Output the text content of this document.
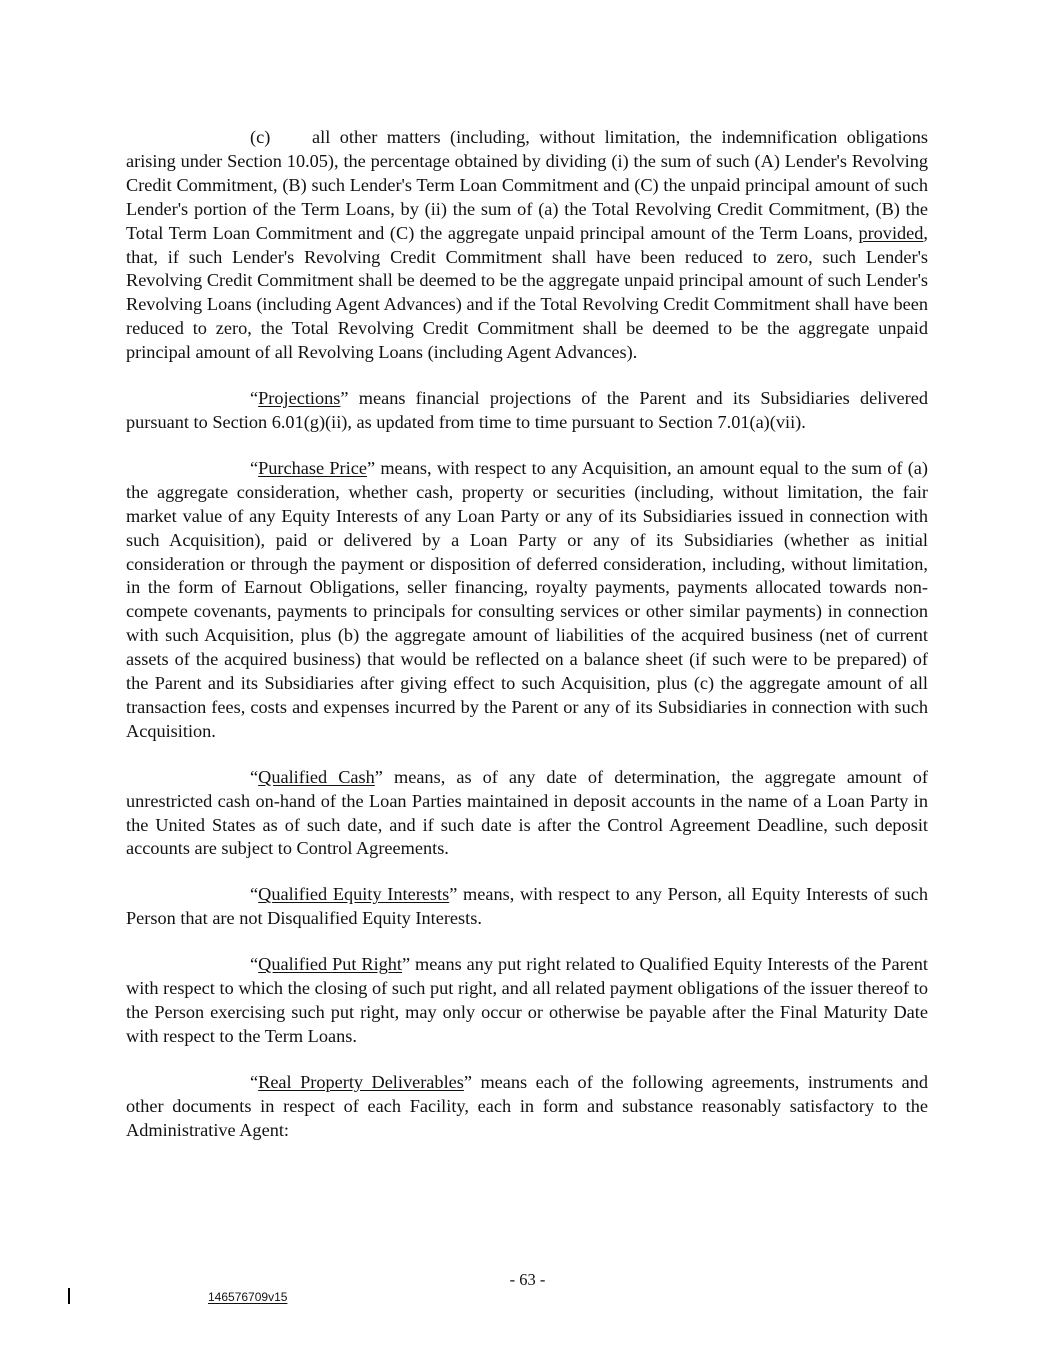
(c) all other matters (including, without limitation, the indemnification obligations arising under Section 10.05), the percentage obtained by dividing (i) the sum of such (A) Lender's Revolving Credit Commitment, (B) such Lender's Term Loan Commitment and (C) the unpaid principal amount of such Lender's portion of the Term Loans, by (ii) the sum of (a) the Total Revolving Credit Commitment, (B) the Total Term Loan Commitment and (C) the aggregate unpaid principal amount of the Term Loans, provided, that, if such Lender's Revolving Credit Commitment shall have been reduced to zero, such Lender's Revolving Credit Commitment shall be deemed to be the aggregate unpaid principal amount of such Lender's Revolving Loans (including Agent Advances) and if the Total Revolving Credit Commitment shall have been reduced to zero, the Total Revolving Credit Commitment shall be deemed to be the aggregate unpaid principal amount of all Revolving Loans (including Agent Advances).

“Projections” means financial projections of the Parent and its Subsidiaries delivered pursuant to Section 6.01(g)(ii), as updated from time to time pursuant to Section 7.01(a)(vii).

“Purchase Price” means, with respect to any Acquisition, an amount equal to the sum of (a) the aggregate consideration, whether cash, property or securities (including, without limitation, the fair market value of any Equity Interests of any Loan Party or any of its Subsidiaries issued in connection with such Acquisition), paid or delivered by a Loan Party or any of its Subsidiaries (whether as initial consideration or through the payment or disposition of deferred consideration, including, without limitation, in the form of Earnout Obligations, seller financing, royalty payments, payments allocated towards non-compete covenants, payments to principals for consulting services or other similar payments) in connection with such Acquisition, plus (b) the aggregate amount of liabilities of the acquired business (net of current assets of the acquired business) that would be reflected on a balance sheet (if such were to be prepared) of the Parent and its Subsidiaries after giving effect to such Acquisition, plus (c) the aggregate amount of all transaction fees, costs and expenses incurred by the Parent or any of its Subsidiaries in connection with such Acquisition.

“Qualified Cash” means, as of any date of determination, the aggregate amount of unrestricted cash on-hand of the Loan Parties maintained in deposit accounts in the name of a Loan Party in the United States as of such date, and if such date is after the Control Agreement Deadline, such deposit accounts are subject to Control Agreements.

“Qualified Equity Interests” means, with respect to any Person, all Equity Interests of such Person that are not Disqualified Equity Interests.

“Qualified Put Right” means any put right related to Qualified Equity Interests of the Parent with respect to which the closing of such put right, and all related payment obligations of the issuer thereof to the Person exercising such put right, may only occur or otherwise be payable after the Final Maturity Date with respect to the Term Loans.

“Real Property Deliverables” means each of the following agreements, instruments and other documents in respect of each Facility, each in form and substance reasonably satisfactory to the Administrative Agent:

- 63 -
146576709v15
